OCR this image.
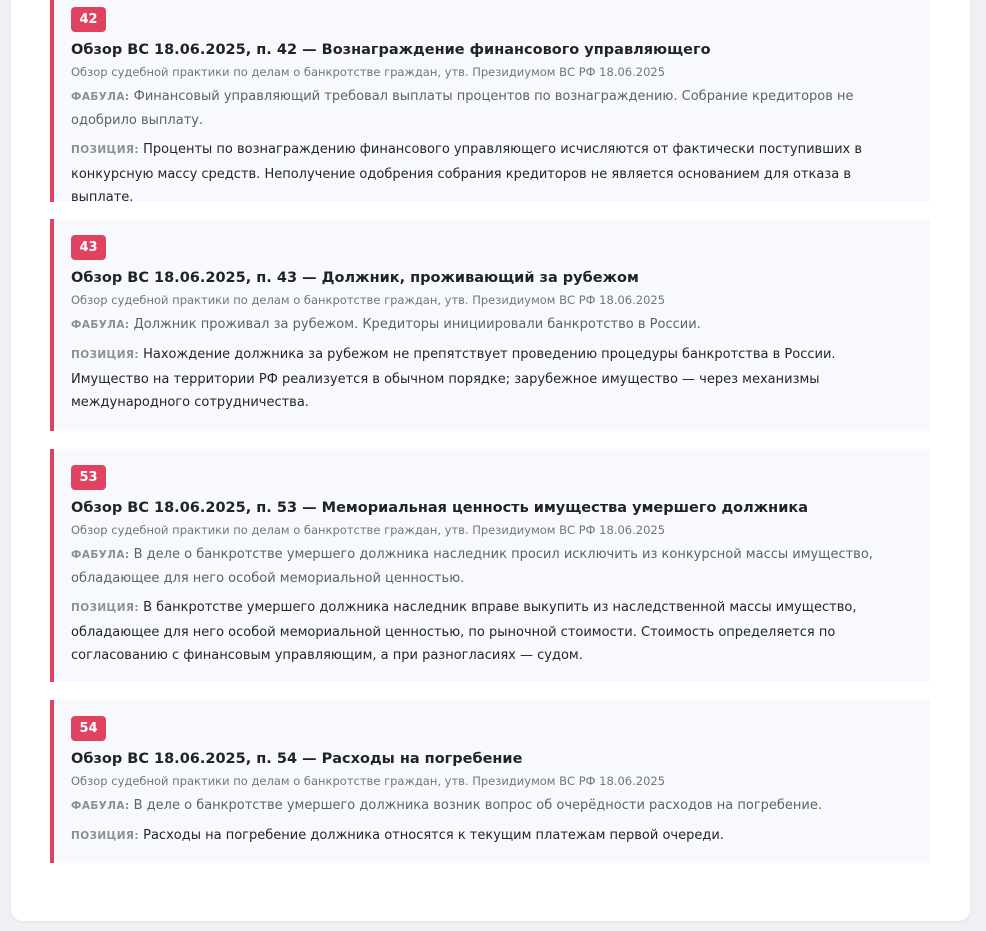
42
Обзор ВС 18.06.2025, п. 42 — Вознаграждение финансового управляющего
Обзор судебной практики по делам о банкротстве граждан, утв. Президиумом ВС РФ 18.06.2025
ФАБУЛА: Финансовый управляющий требовал выплаты процентов по вознаграждению. Собрание кредиторов не одобрило выплату.
ПОЗИЦИЯ: Проценты по вознаграждению финансового управляющего исчисляются от фактически поступивших в конкурсную массу средств. Неполучение одобрения собрания кредиторов не является основанием для отказа в выплате.
43
Обзор ВС 18.06.2025, п. 43 — Должник, проживающий за рубежом
Обзор судебной практики по делам о банкротстве граждан, утв. Президиумом ВС РФ 18.06.2025
ФАБУЛА: Должник проживал за рубежом. Кредиторы инициировали банкротство в России.
ПОЗИЦИЯ: Нахождение должника за рубежом не препятствует проведению процедуры банкротства в России. Имущество на территории РФ реализуется в обычном порядке; зарубежное имущество — через механизмы международного сотрудничества.
53
Обзор ВС 18.06.2025, п. 53 — Мемориальная ценность имущества умершего должника
Обзор судебной практики по делам о банкротстве граждан, утв. Президиумом ВС РФ 18.06.2025
ФАБУЛА: В деле о банкротстве умершего должника наследник просил исключить из конкурсной массы имущество, обладающее для него особой мемориальной ценностью.
ПОЗИЦИЯ: В банкротстве умершего должника наследник вправе выкупить из наследственной массы имущество, обладающее для него особой мемориальной ценностью, по рыночной стоимости. Стоимость определяется по согласованию с финансовым управляющим, а при разногласиях — судом.
54
Обзор ВС 18.06.2025, п. 54 — Расходы на погребение
Обзор судебной практики по делам о банкротстве граждан, утв. Президиумом ВС РФ 18.06.2025
ФАБУЛА: В деле о банкротстве умершего должника возник вопрос об очерёдности расходов на погребение.
ПОЗИЦИЯ: Расходы на погребение должника относятся к текущим платежам первой очереди.
